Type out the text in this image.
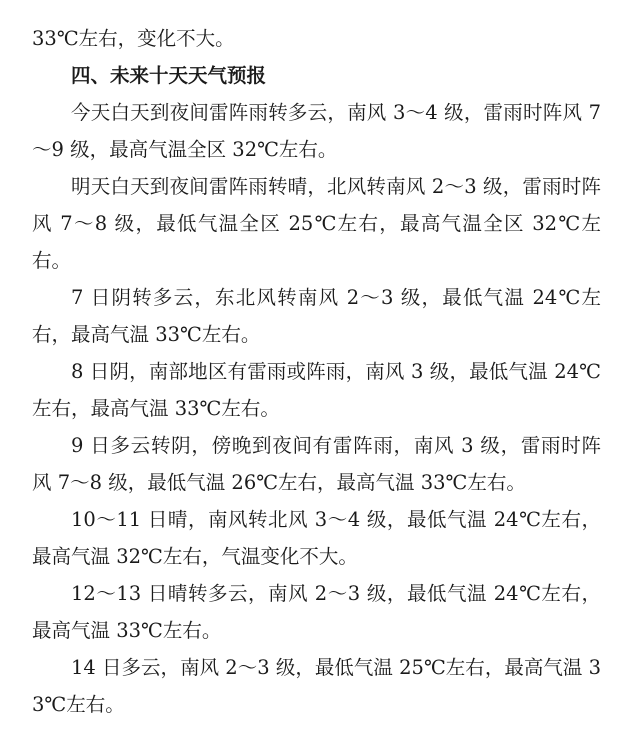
33℃左右，变化不大。

四、未来十天天气预报

今天白天到夜间雷阵雨转多云，南风 3～4 级，雷雨时阵风 7～9 级，最高气温全区 32℃左右。

明天白天到夜间雷阵雨转晴，北风转南风 2～3 级，雷雨时阵风 7～8 级，最低气温全区 25℃左右，最高气温全区 32℃左右。

7 日阴转多云，东北风转南风 2～3 级，最低气温 24℃左右，最高气温 33℃左右。

8 日阴，南部地区有雷雨或阵雨，南风 3 级，最低气温 24℃左右，最高气温 33℃左右。

9 日多云转阴，傍晚到夜间有雷阵雨，南风 3 级，雷雨时阵风 7～8 级，最低气温 26℃左右，最高气温 33℃左右。

10～11 日晴，南风转北风 3～4 级，最低气温 24℃左右，最高气温 32℃左右，气温变化不大。

12～13 日晴转多云，南风 2～3 级，最低气温 24℃左右，最高气温 33℃左右。

14 日多云，南风 2～3 级，最低气温 25℃左右，最高气温 33℃左右。
